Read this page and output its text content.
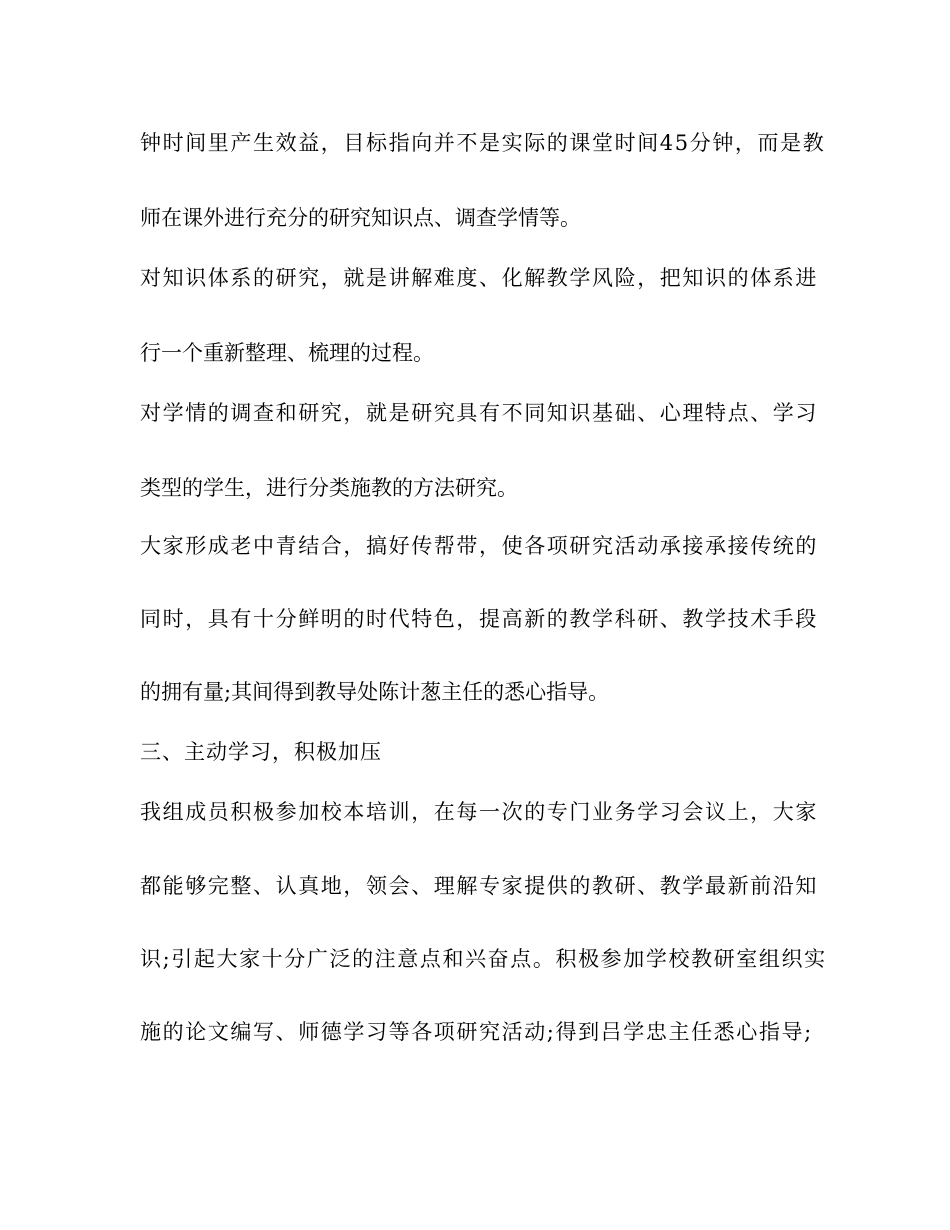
钟时间里产生效益，目标指向并不是实际的课堂时间45分钟，而是教

师在课外进行充分的研究知识点、调查学情等。

对知识体系的研究，就是讲解难度、化解教学风险，把知识的体系进

行一个重新整理、梳理的过程。

对学情的调查和研究，就是研究具有不同知识基础、心理特点、学习

类型的学生，进行分类施教的方法研究。

大家形成老中青结合，搞好传帮带，使各项研究活动承接承接传统的

同时，具有十分鲜明的时代特色，提高新的教学科研、教学技术手段

的拥有量;其间得到教导处陈计葱主任的悉心指导。

三、主动学习，积极加压

我组成员积极参加校本培训，在每一次的专门业务学习会议上，大家

都能够完整、认真地，领会、理解专家提供的教研、教学最新前沿知

识;引起大家十分广泛的注意点和兴奋点。积极参加学校教研室组织实

施的论文编写、师德学习等各项研究活动;得到吕学忠主任悉心指导;
